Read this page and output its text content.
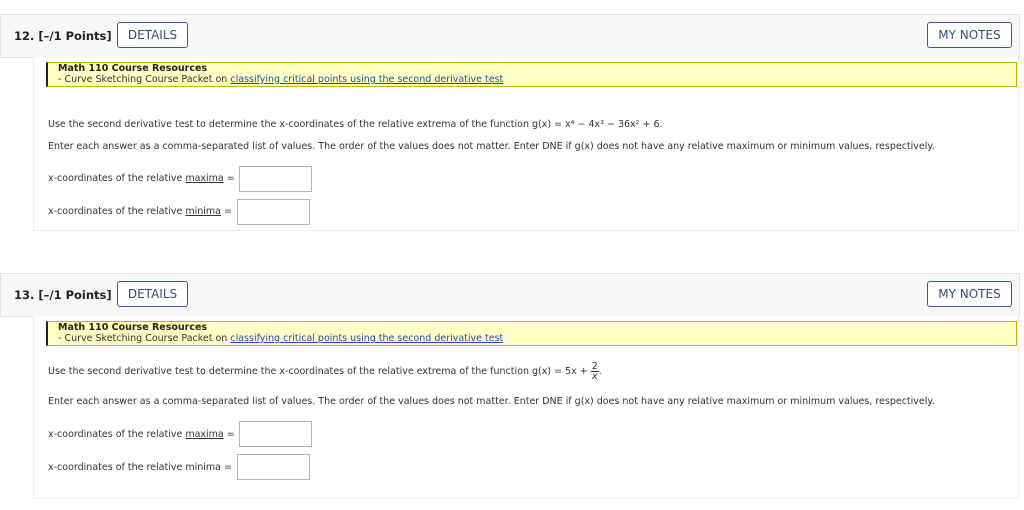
12. [–/1 Points]	DETAILS	MY NOTES
Math 110 Course Resources
- Curve Sketching Course Packet on classifying critical points using the second derivative test
Use the second derivative test to determine the x-coordinates of the relative extrema of the function g(x) = x⁴ − 4x³ − 36x² + 6.
Enter each answer as a comma-separated list of values. The order of the values does not matter. Enter DNE if g(x) does not have any relative maximum or minimum values, respectively.
x-coordinates of the relative maxima =
x-coordinates of the relative minima =
13. [–/1 Points]	DETAILS	MY NOTES
Math 110 Course Resources
- Curve Sketching Course Packet on classifying critical points using the second derivative test
Use the second derivative test to determine the x-coordinates of the relative extrema of the function $g(x) = 5x + \frac{2}{x}$ .
Enter each answer as a comma-separated list of values. The order of the values does not matter. Enter DNE if g(x) does not have any relative maximum or minimum values, respectively.
x-coordinates of the relative maxima =
x-coordinates of the relative minima =
